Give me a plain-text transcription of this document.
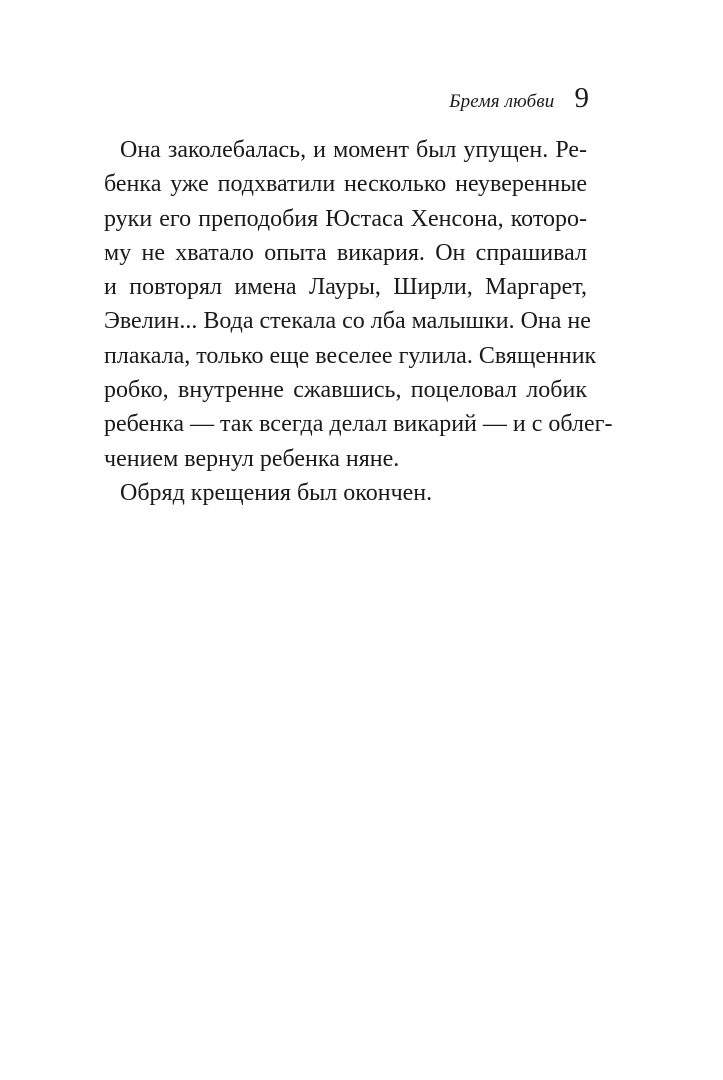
Бремя любви 9
Она заколебалась, и момент был упущен. Ре-
бенка уже подхватили несколько неуверенные
руки его преподобия Юстаса Хенсона, которо-
му не хватало опыта викария. Он спрашивал
и повторял имена Лауры, Ширли, Маргарет,
Эвелин... Вода стекала со лба малышки. Она не
плакала, только еще веселее гулила. Священник
робко, внутренне сжавшись, поцеловал лобик
ребенка — так всегда делал викарий — и с облег-
чением вернул ребенка няне.
Обряд крещения был окончен.
